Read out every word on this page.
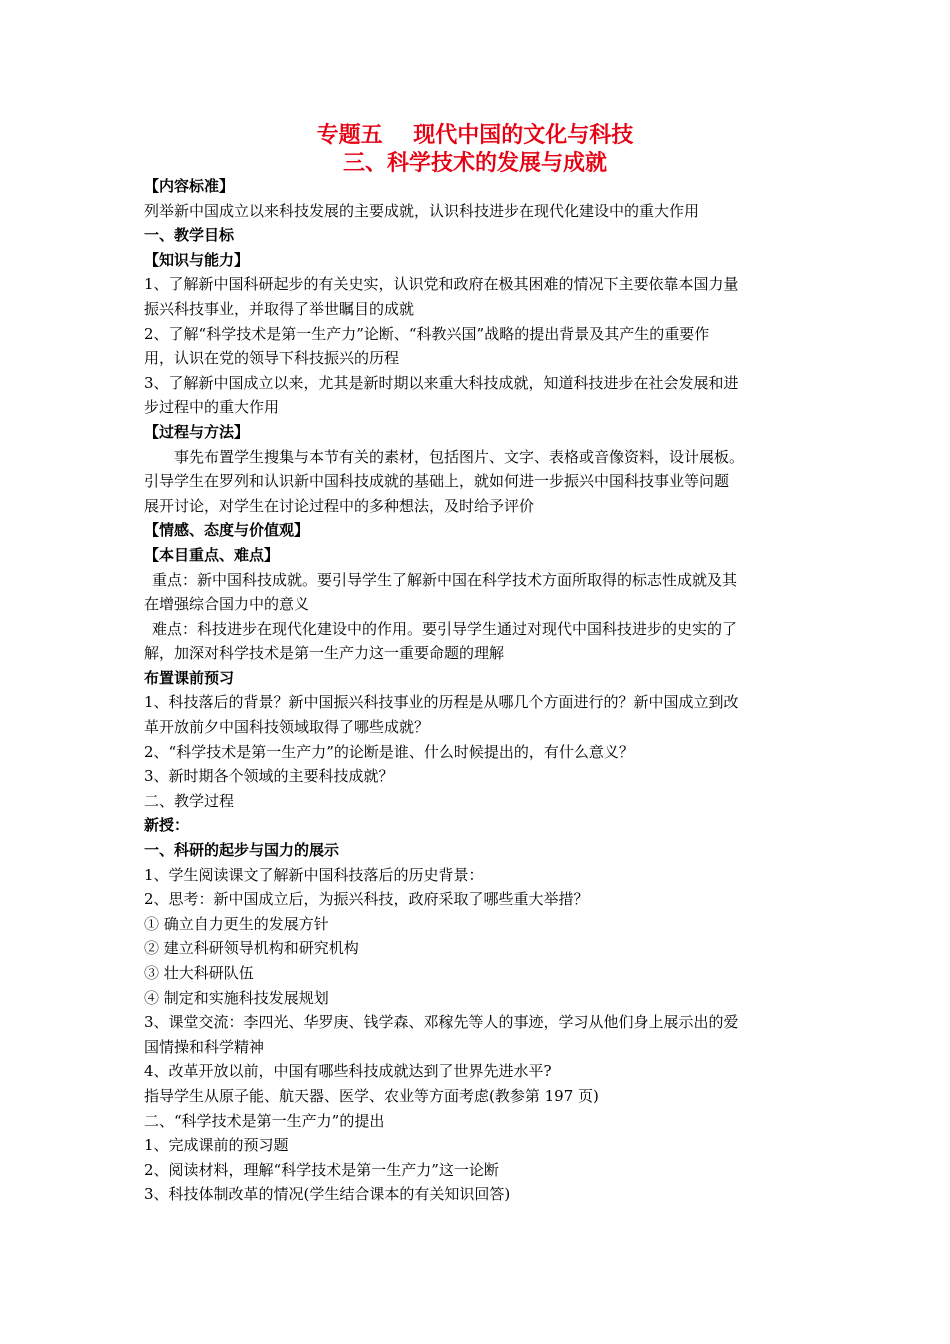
专题五    现代中国的文化与科技
三、科学技术的发展与成就
【内容标准】
列举新中国成立以来科技发展的主要成就，认识科技进步在现代化建设中的重大作用
一、教学目标
【知识与能力】
1、了解新中国科研起步的有关史实，认识党和政府在极其困难的情况下主要依靠本国力量
振兴科技事业，并取得了举世瞩目的成就
2、了解“科学技术是第一生产力”论断、“科教兴国”战略的提出背景及其产生的重要作
用，认识在党的领导下科技振兴的历程
3、了解新中国成立以来，尤其是新时期以来重大科技成就，知道科技进步在社会发展和进
步过程中的重大作用
【过程与方法】
事先布置学生搜集与本节有关的素材，包括图片、文字、表格或音像资料，设计展板。
引导学生在罗列和认识新中国科技成就的基础上，就如何进一步振兴中国科技事业等问题
展开讨论，对学生在讨论过程中的多种想法，及时给予评价
【情感、态度与价值观】
【本目重点、难点】
重点：新中国科技成就。要引导学生了解新中国在科学技术方面所取得的标志性成就及其
在增强综合国力中的意义
难点：科技进步在现代化建设中的作用。要引导学生通过对现代中国科技进步的史实的了
解，加深对科学技术是第一生产力这一重要命题的理解
布置课前预习
1、科技落后的背景？新中国振兴科技事业的历程是从哪几个方面进行的？新中国成立到改
革开放前夕中国科技领域取得了哪些成就？
2、“科学技术是第一生产力”的论断是谁、什么时候提出的，有什么意义？
3、新时期各个领域的主要科技成就？
二、教学过程
新授：
一、科研的起步与国力的展示
1、学生阅读课文了解新中国科技落后的历史背景：
2、思考：新中国成立后，为振兴科技，政府采取了哪些重大举措？
① 确立自力更生的发展方针
② 建立科研领导机构和研究机构
③ 壮大科研队伍
④ 制定和实施科技发展规划
3、课堂交流：李四光、华罗庚、钱学森、邓稼先等人的事迹，学习从他们身上展示出的爱
国情操和科学精神
4、改革开放以前，中国有哪些科技成就达到了世界先进水平?
指导学生从原子能、航天器、医学、农业等方面考虑(教参第 197 页)
二、“科学技术是第一生产力”的提出
1、完成课前的预习题
2、阅读材料，理解“科学技术是第一生产力”这一论断
3、科技体制改革的情况(学生结合课本的有关知识回答)
